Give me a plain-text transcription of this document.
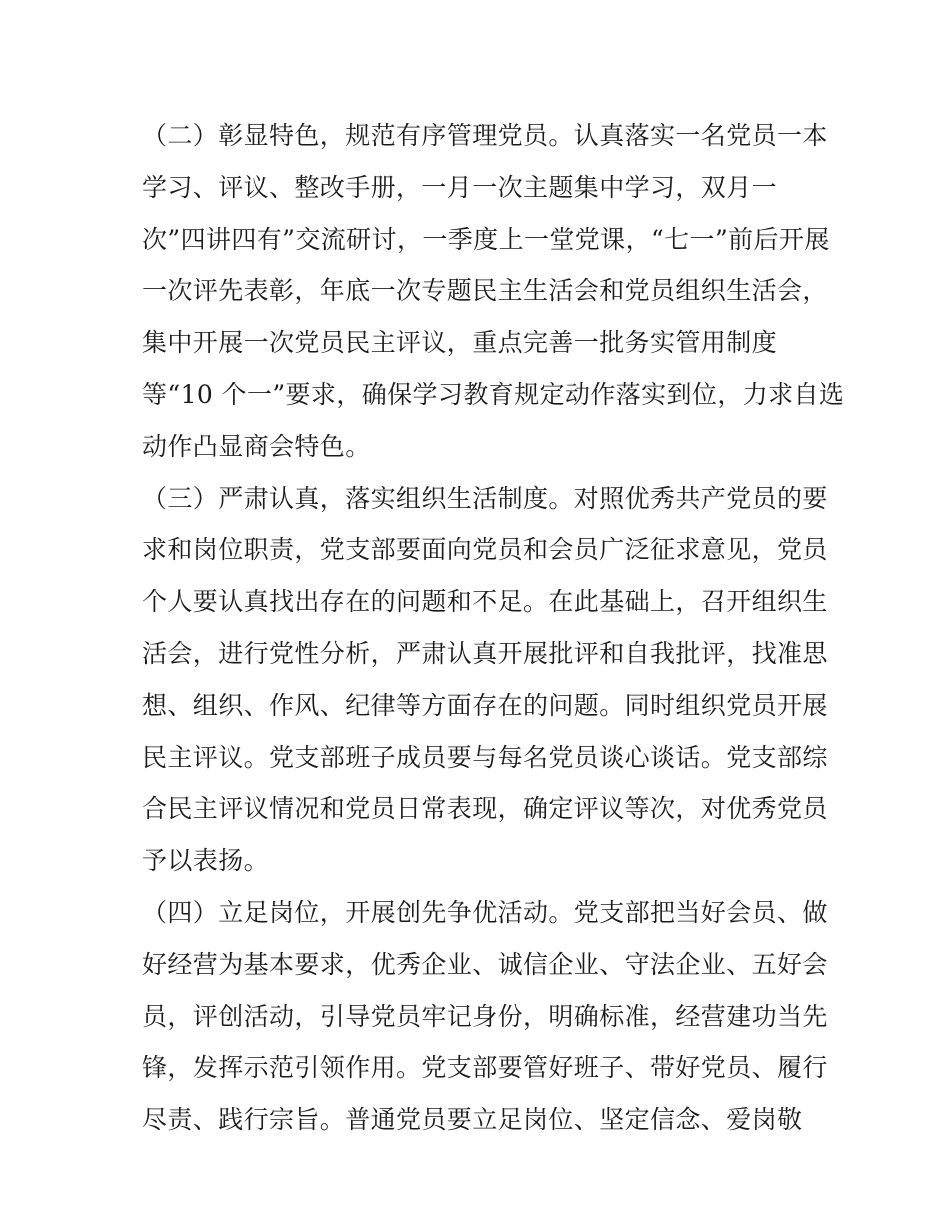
（二）彰显特色，规范有序管理党员。认真落实一名党员一本
学习、评议、整改手册，一月一次主题集中学习，双月一
次”四讲四有”交流研讨，一季度上一堂党课，“七一”前后开展
一次评先表彰，年底一次专题民主生活会和党员组织生活会，
集中开展一次党员民主评议，重点完善一批务实管用制度
等“10 个一”要求，确保学习教育规定动作落实到位，力求自选
动作凸显商会特色。
（三）严肃认真，落实组织生活制度。对照优秀共产党员的要
求和岗位职责，党支部要面向党员和会员广泛征求意见，党员
个人要认真找出存在的问题和不足。在此基础上，召开组织生
活会，进行党性分析，严肃认真开展批评和自我批评，找准思
想、组织、作风、纪律等方面存在的问题。同时组织党员开展
民主评议。党支部班子成员要与每名党员谈心谈话。党支部综
合民主评议情况和党员日常表现，确定评议等次，对优秀党员
予以表扬。
（四）立足岗位，开展创先争优活动。党支部把当好会员、做
好经营为基本要求，优秀企业、诚信企业、守法企业、五好会
员，评创活动，引导党员牢记身份，明确标准，经营建功当先
锋，发挥示范引领作用。党支部要管好班子、带好党员、履行
尽责、践行宗旨。普通党员要立足岗位、坚定信念、爱岗敬
